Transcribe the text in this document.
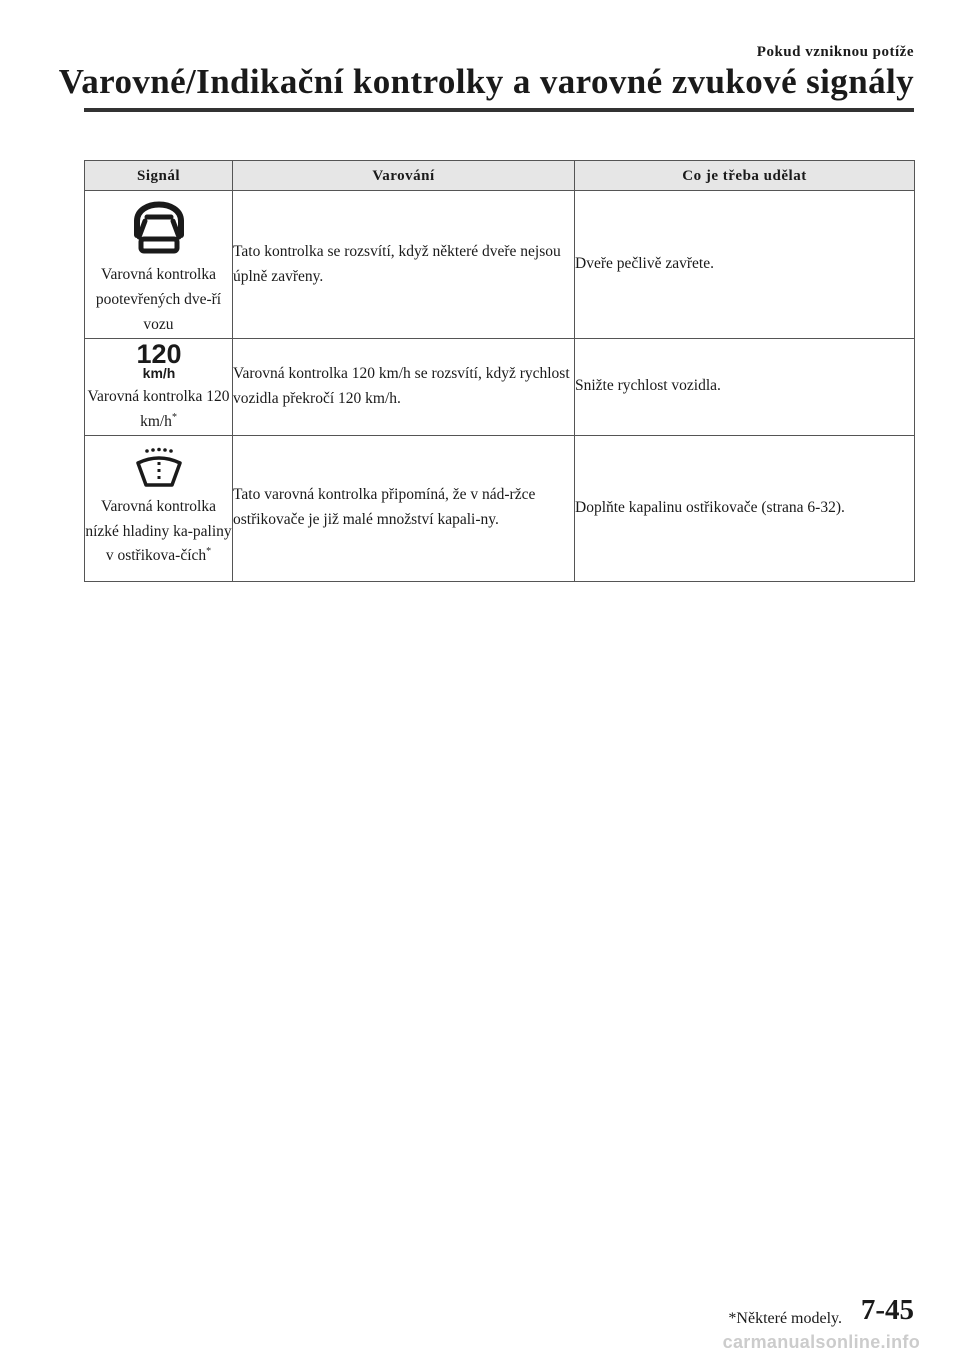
Pokud vzniknou potíže
Varovné/Indikační kontrolky a varovné zvukové signály
Signál	Varování	Co je třeba udělat

Varovná kontrolka pootevřených dve-ří vozu	Tato kontrolka se rozsvítí, když některé dveře nejsou úplně zavřeny.	Dveře pečlivě zavřete.

120
km/h
Varovná kontrolka 120 km/h*	Varovná kontrolka 120 km/h se rozsvítí, když rychlost vozidla překročí 120 km/h.	Snižte rychlost vozidla.

Varovná kontrolka nízké hladiny ka-paliny v ostřikova-čích*	Tato varovná kontrolka připomíná, že v nád-ržce ostřikovače je již malé množství kapali-ny.	Doplňte kapalinu ostřikovače (strana 6-32).
*Některé modely. 7-45
carmanualsonline.info
